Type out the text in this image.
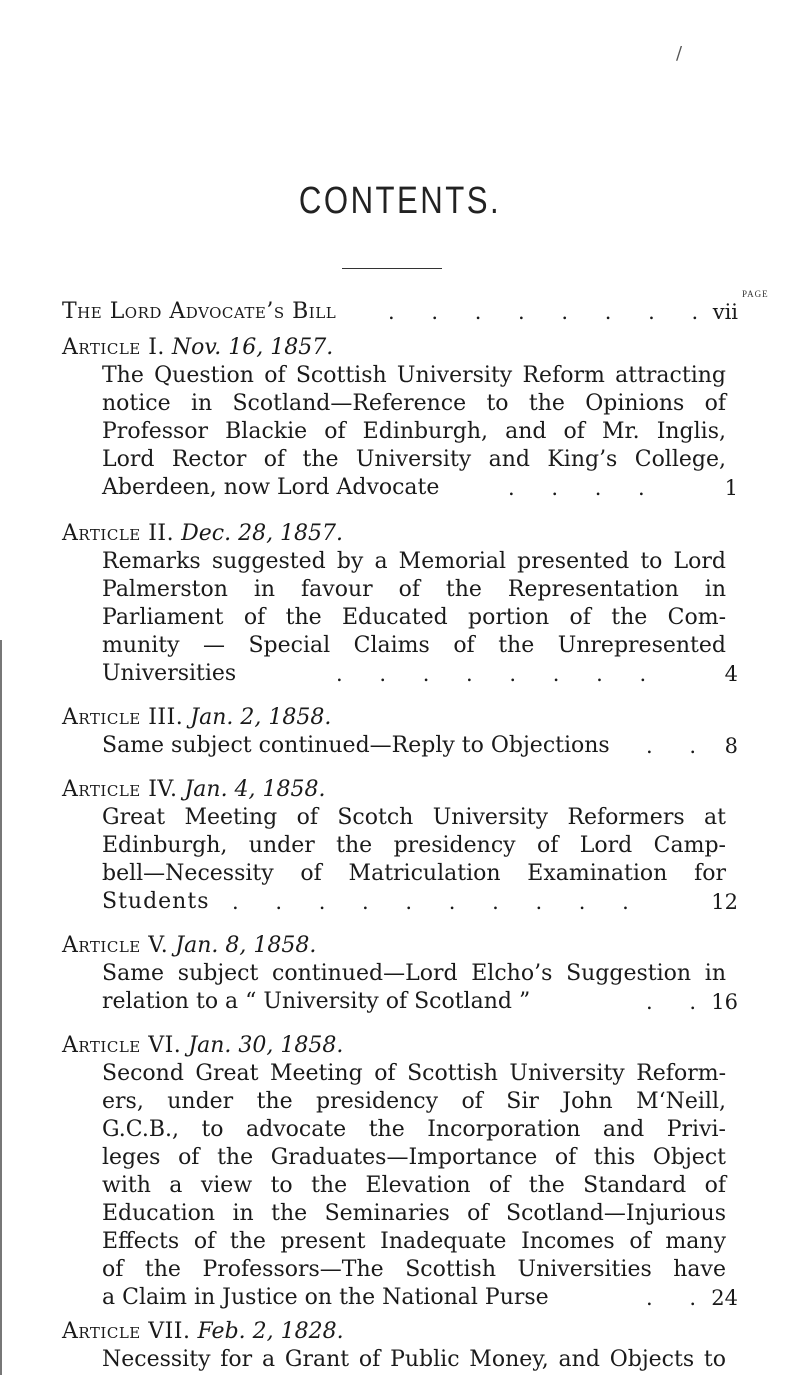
/
CONTENTS.
PAGE
The Lord Advocate’s Bill . . . . . . . . vii
Article I. Nov. 16, 1857.
The Question of Scottish University Reform attracting
notice in Scotland—Reference to the Opinions of
Professor Blackie of Edinburgh, and of Mr. Inglis,
Lord Rector of the University and King’s College,
Aberdeen, now Lord Advocate	. . . .	1
Article II. Dec. 28, 1857.
Remarks suggested by a Memorial presented to Lord
Palmerston in favour of the Representation in
Parliament of the Educated portion of the Com-
munity — Special Claims of the Unrepresented
Universities	. . . . . . . .	4
Article III. Jan. 2, 1858.
Same subject continued—Reply to Objections . . 8
Article IV. Jan. 4, 1858.
Great Meeting of Scotch University Reformers at
Edinburgh, under the presidency of Lord Camp-
bell—Necessity of Matriculation Examination for
Students . . . . . . . . . .	12
Article V. Jan. 8, 1858.
Same subject continued—Lord Elcho’s Suggestion in
relation to a “ University of Scotland ”	. . 16
Article VI. Jan. 30, 1858.
Second Great Meeting of Scottish University Reform-
ers, under the presidency of Sir John M‘Neill,
G.C.B., to advocate the Incorporation and Privi-
leges of the Graduates—Importance of this Object
with a view to the Elevation of the Standard of
Education in the Seminaries of Scotland—Injurious
Effects of the present Inadequate Incomes of many
of the Professors—The Scottish Universities have
a Claim in Justice on the National Purse	. . 24
Article VII. Feb. 2, 1828.
Necessity for a Grant of Public Money, and Objects to
